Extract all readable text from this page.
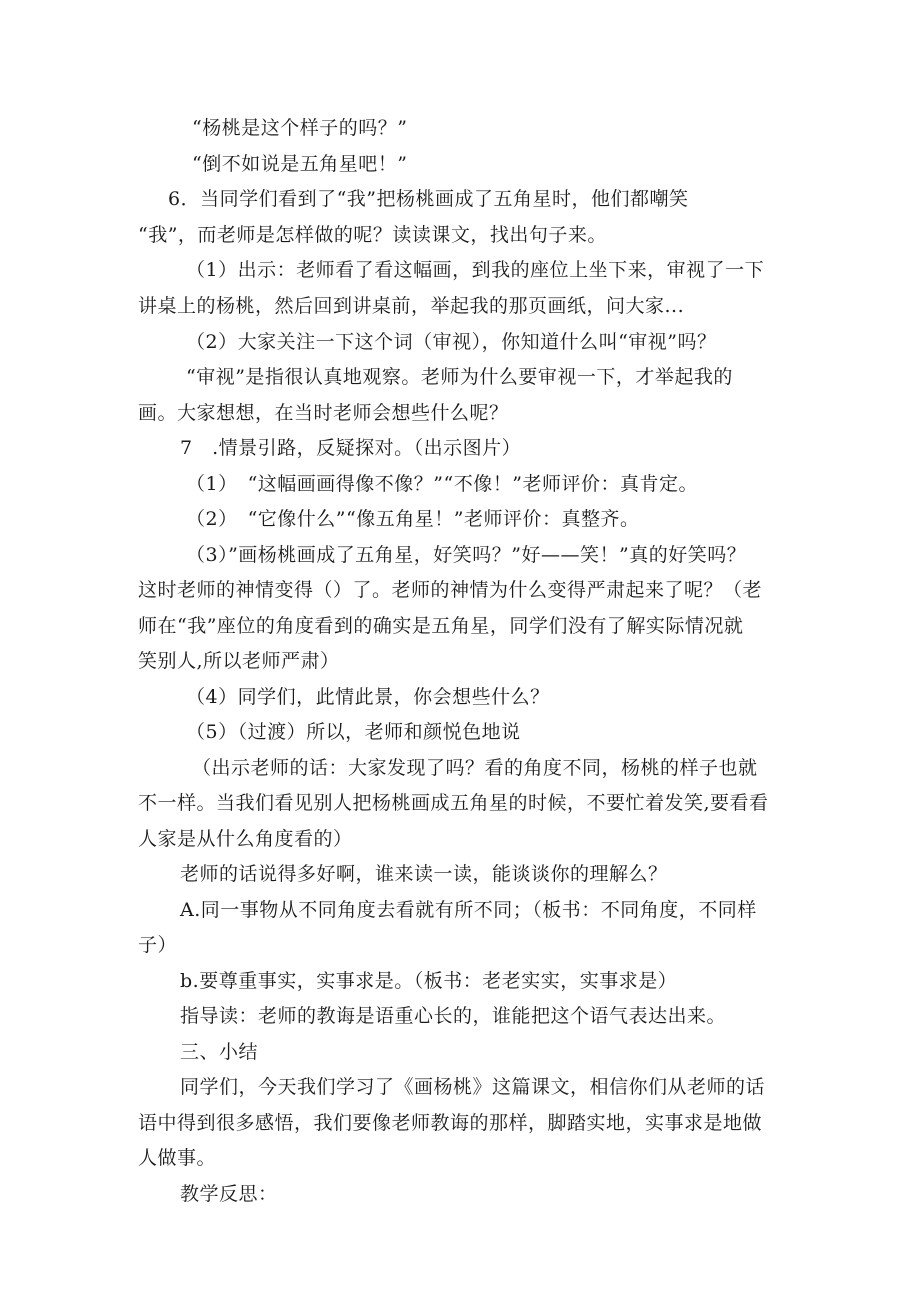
“杨桃是这个样子的吗？”
“倒不如说是五角星吧！”
6．当同学们看到了“我”把杨桃画成了五角星时，他们都嘲笑
“我”，而老师是怎样做的呢？读读课文，找出句子来。
（1）出示：老师看了看这幅画，到我的座位上坐下来，审视了一下
讲桌上的杨桃，然后回到讲桌前，举起我的那页画纸，问大家...
（2）大家关注一下这个词（审视），你知道什么叫“审视”吗？
“审视”是指很认真地观察。老师为什么要审视一下，才举起我的
画。大家想想，在当时老师会想些什么呢？
7　.情景引路，反疑探对。（出示图片）
（1）　“这幅画画得像不像？”“不像！”老师评价：真肯定。
（2）　“它像什么”“像五角星！”老师评价：真整齐。
（3）”画杨桃画成了五角星，好笑吗？”好——笑！”真的好笑吗？
这时老师的神情变得（）了。老师的神情为什么变得严肃起来了呢？（老
师在“我”座位的角度看到的确实是五角星，同学们没有了解实际情况就
笑别人,所以老师严肃）
（4）同学们，此情此景，你会想些什么？
（5）（过渡）所以，老师和颜悦色地说
（出示老师的话：大家发现了吗？看的角度不同，杨桃的样子也就
不一样。当我们看见别人把杨桃画成五角星的时候，不要忙着发笑,要看看
人家是从什么角度看的）
老师的话说得多好啊，谁来读一读，能谈谈你的理解么？
A.同一事物从不同角度去看就有所不同；（板书：不同角度，不同样
子）
b.要尊重事实，实事求是。（板书：老老实实，实事求是）
指导读：老师的教诲是语重心长的，谁能把这个语气表达出来。
三、小结
同学们，今天我们学习了《画杨桃》这篇课文，相信你们从老师的话
语中得到很多感悟，我们要像老师教诲的那样，脚踏实地，实事求是地做
人做事。
教学反思：
